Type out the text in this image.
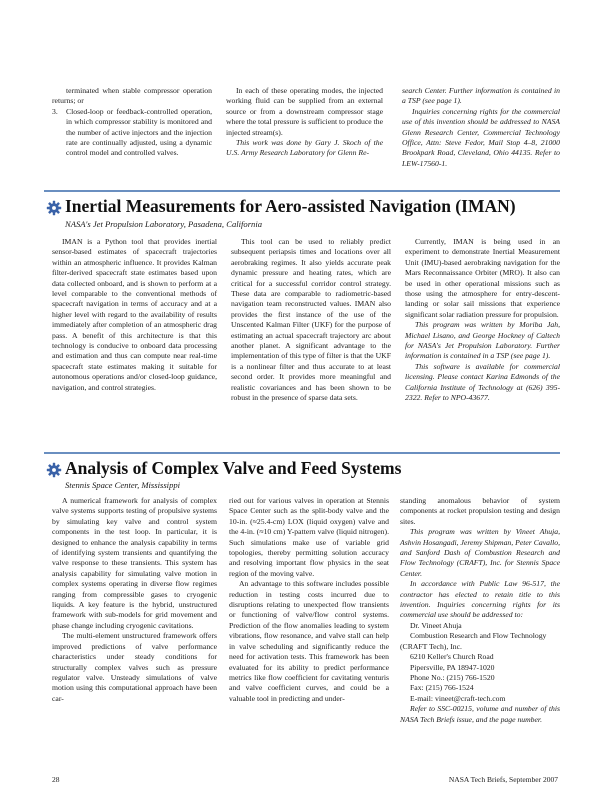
terminated when stable compressor operation returns; or

3. Closed-loop or feedback-controlled operation, in which compressor stability is monitored and the number of active injectors and the injection rate are continually adjusted, using a dynamic control model and controlled valves.

In each of these operating modes, the injected working fluid can be supplied from an external source or from a downstream compressor stage where the total pressure is sufficient to produce the injected stream(s).

This work was done by Gary J. Skoch of the U.S. Army Research Laboratory for Glenn Re-

search Center. Further information is contained in a TSP (see page 1).

Inquiries concerning rights for the commercial use of this invention should be addressed to NASA Glenn Research Center, Commercial Technology Office, Attn: Steve Fedor, Mail Stop 4–8, 21000 Brookpark Road, Cleveland, Ohio 44135. Refer to LEW-17560-1.

Inertial Measurements for Aero-assisted Navigation (IMAN)
NASA's Jet Propulsion Laboratory, Pasadena, California

IMAN is a Python tool that provides inertial sensor-based estimates of spacecraft trajectories within an atmospheric influence. It provides Kalman filter-derived spacecraft state estimates based upon data collected onboard, and is shown to perform at a level comparable to the conventional methods of spacecraft navigation in terms of accuracy and at a higher level with regard to the availability of results immediately after completion of an atmospheric drag pass. A benefit of this architecture is that this technology is conducive to onboard data processing and estimation and thus can compute near real-time spacecraft state estimates making it suitable for autonomous operations and/or closed-loop guidance, navigation, and control strategies.

This tool can be used to reliably predict subsequent periapsis times and locations over all aerobraking regimes. It also yields accurate peak dynamic pressure and heating rates, which are critical for a successful corridor control strategy. These data are comparable to radiometric-based navigation team reconstructed values. IMAN also provides the first instance of the use of the Unscented Kalman Filter (UKF) for the purpose of estimating an actual spacecraft trajectory arc about another planet. A significant advantage to the implementation of this type of filter is that the UKF is a nonlinear filter and thus accurate to at least second order. It provides more meaningful and realistic covariances and has been shown to be robust in the presence of sparse data sets.

Currently, IMAN is being used in an experiment to demonstrate Inertial Measurement Unit (IMU)-based aerobraking navigation for the Mars Reconnaissance Orbiter (MRO). It also can be used in other operational missions such as those using the atmosphere for entry-descent-landing or solar sail missions that experience significant solar radiation pressure for propulsion.

This program was written by Moriba Jah, Michael Lisano, and George Hockney of Caltech for NASA's Jet Propulsion Laboratory. Further information is contained in a TSP (see page 1).

This software is available for commercial licensing. Please contact Karina Edmonds of the California Institute of Technology at (626) 395-2322. Refer to NPO-43677.

Analysis of Complex Valve and Feed Systems
Stennis Space Center, Mississippi

A numerical framework for analysis of complex valve systems supports testing of propulsive systems by simulating key valve and control system components in the test loop. In particular, it is designed to enhance the analysis capability in terms of identifying system transients and quantifying the valve response to these transients. This system has analysis capability for simulating valve motion in complex systems operating in diverse flow regimes ranging from compressible gases to cryogenic liquids. A key feature is the hybrid, unstructured framework with sub-models for grid movement and phase change including cryogenic cavitations.

The multi-element unstructured framework offers improved predictions of valve performance characteristics under steady conditions for structurally complex valves such as pressure regulator valve. Unsteady simulations of valve motion using this computational approach have been car-

ried out for various valves in operation at Stennis Space Center such as the split-body valve and the 10-in. (≈25.4-cm) LOX (liquid oxygen) valve and the 4-in. (≈10 cm) Y-pattern valve (liquid nitrogen). Such simulations make use of variable grid topologies, thereby permitting solution accuracy and resolving important flow physics in the seat region of the moving valve.

An advantage to this software includes possible reduction in testing costs incurred due to disruptions relating to unexpected flow transients or functioning of valve/flow control systems. Prediction of the flow anomalies leading to system vibrations, flow resonance, and valve stall can help in valve scheduling and significantly reduce the need for activation tests. This framework has been evaluated for its ability to predict performance metrics like flow coefficient for cavitating venturis and valve coefficient curves, and could be a valuable tool in predicting and under-

standing anomalous behavior of system components at rocket propulsion testing and design sites.

This program was written by Vineet Ahuja, Ashvin Hosangadi, Jeremy Shipman, Peter Cavallo, and Sanford Dash of Combustion Research and Flow Technology (CRAFT), Inc. for Stennis Space Center.

In accordance with Public Law 96-517, the contractor has elected to retain title to this invention. Inquiries concerning rights for its commercial use should be addressed to:

Dr. Vineet Ahuja

Combustion Research and Flow Technology (CRAFT Tech), Inc.

6210 Keller's Church Road

Pipersville, PA 18947-1020

Phone No.: (215) 766-1520

Fax: (215) 766-1524

E-mail: vineet@craft-tech.com

Refer to SSC-00215, volume and number of this NASA Tech Briefs issue, and the page number.

28	NASA Tech Briefs, September 2007
